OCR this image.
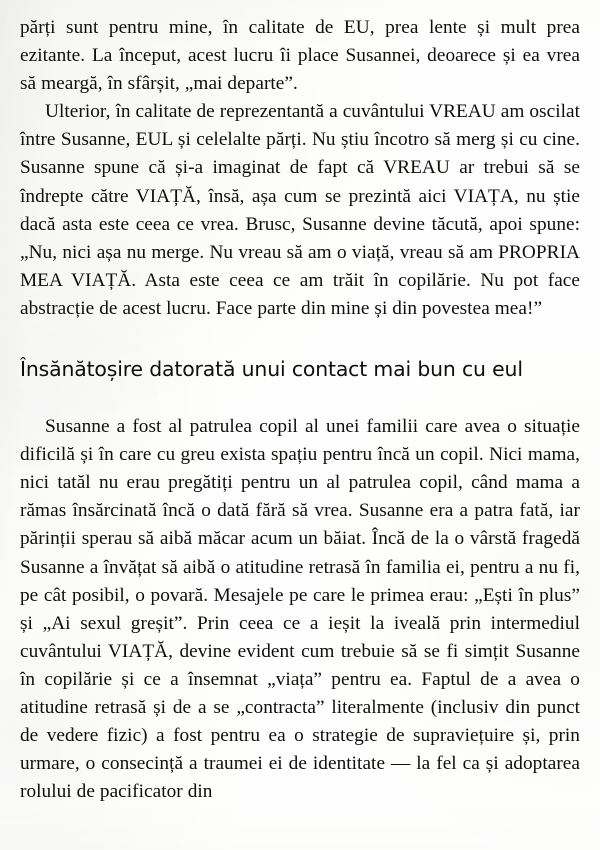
părți sunt pentru mine, în calitate de EU, prea lente și mult prea ezitante. La început, acest lucru îi place Susannei, deoarece și ea vrea să meargă, în sfârșit, „mai departe”.

Ulterior, în calitate de reprezentantă a cuvântului VREAU am oscilat între Susanne, EUL și celelalte părți. Nu știu încotro să merg și cu cine. Susanne spune că și-a imaginat de fapt că VREAU ar trebui să se îndrepte către VIAȚĂ, însă, așa cum se prezintă aici VIAȚA, nu știe dacă asta este ceea ce vrea. Brusc, Susanne devine tăcută, apoi spune: „Nu, nici așa nu merge. Nu vreau să am o viață, vreau să am PROPRIA MEA VIAȚĂ. Asta este ceea ce am trăit în copilărie. Nu pot face abstracție de acest lucru. Face parte din mine și din povestea mea!”

Însănătoșire datorată unui contact mai bun cu eul

Susanne a fost al patrulea copil al unei familii care avea o situație dificilă și în care cu greu exista spațiu pentru încă un copil. Nici mama, nici tatăl nu erau pregătiți pentru un al patrulea copil, când mama a rămas însărcinată încă o dată fără să vrea. Susanne era a patra fată, iar părinții sperau să aibă măcar acum un băiat. Încă de la o vârstă fragedă Susanne a învățat să aibă o atitudine retrasă în familia ei, pentru a nu fi, pe cât posibil, o povară. Mesajele pe care le primea erau: „Ești în plus” și „Ai sexul greșit”. Prin ceea ce a ieșit la iveală prin intermediul cuvântului VIAȚĂ, devine evident cum trebuie să se fi simțit Susanne în copilărie și ce a însemnat „viața” pentru ea. Faptul de a avea o atitudine retrasă și de a se „contracta” literalmente (inclusiv din punct de vedere fizic) a fost pentru ea o strategie de supraviețuire și, prin urmare, o consecință a traumei ei de identitate — la fel ca și adoptarea rolului de pacificator din
